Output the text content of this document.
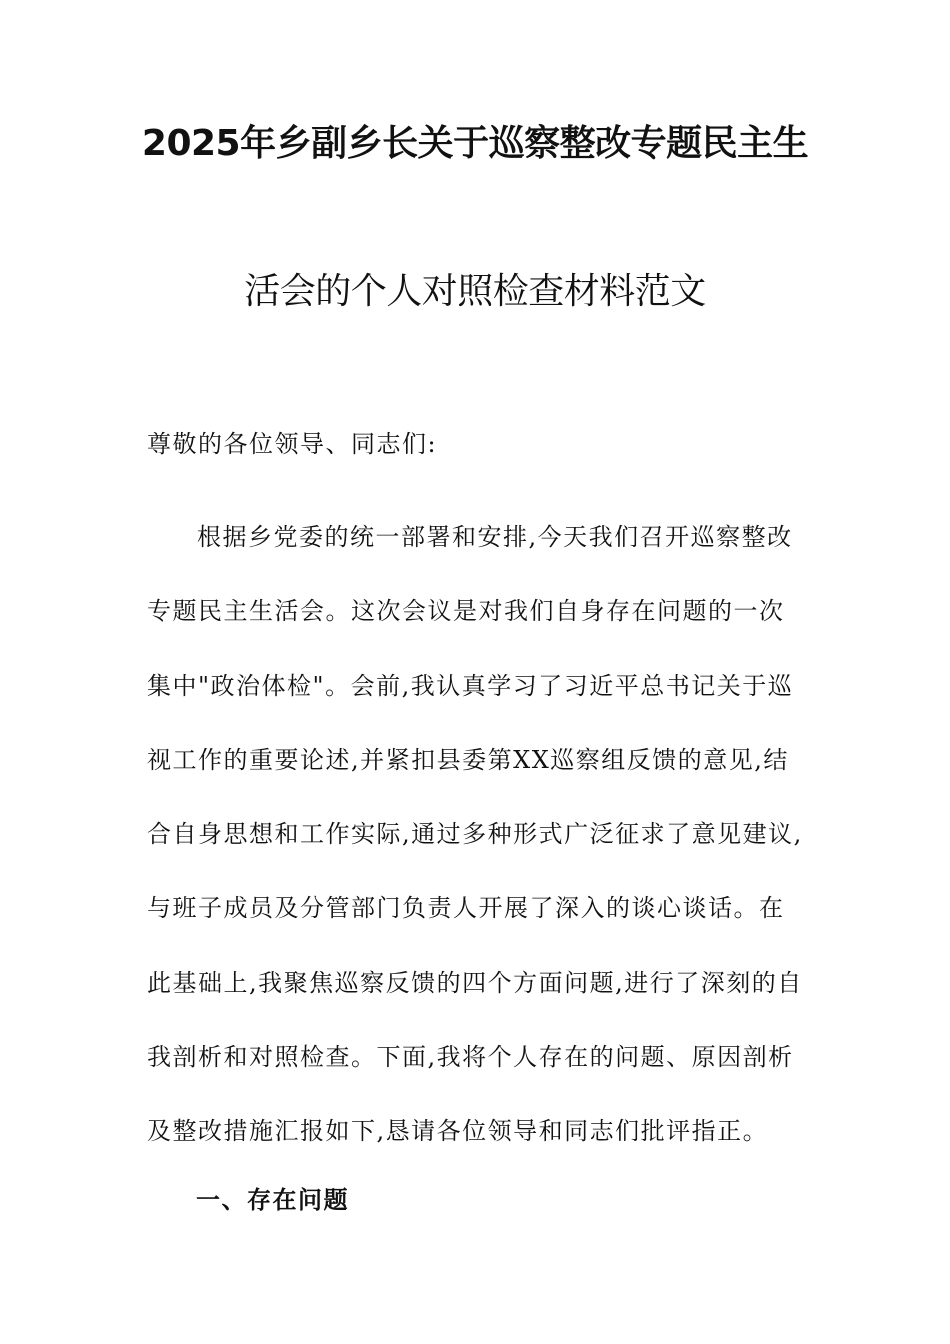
2025年乡副乡长关于巡察整改专题民主生
活会的个人对照检查材料范文
尊敬的各位领导、同志们:

根据乡党委的统一部署和安排,今天我们召开巡察整改
专题民主生活会。这次会议是对我们自身存在问题的一次
集中"政治体检"。会前,我认真学习了习近平总书记关于巡
视工作的重要论述,并紧扣县委第XX巡察组反馈的意见,结
合自身思想和工作实际,通过多种形式广泛征求了意见建议,
与班子成员及分管部门负责人开展了深入的谈心谈话。在
此基础上,我聚焦巡察反馈的四个方面问题,进行了深刻的自
我剖析和对照检查。下面,我将个人存在的问题、原因剖析
及整改措施汇报如下,恳请各位领导和同志们批评指正。

一、存在问题
